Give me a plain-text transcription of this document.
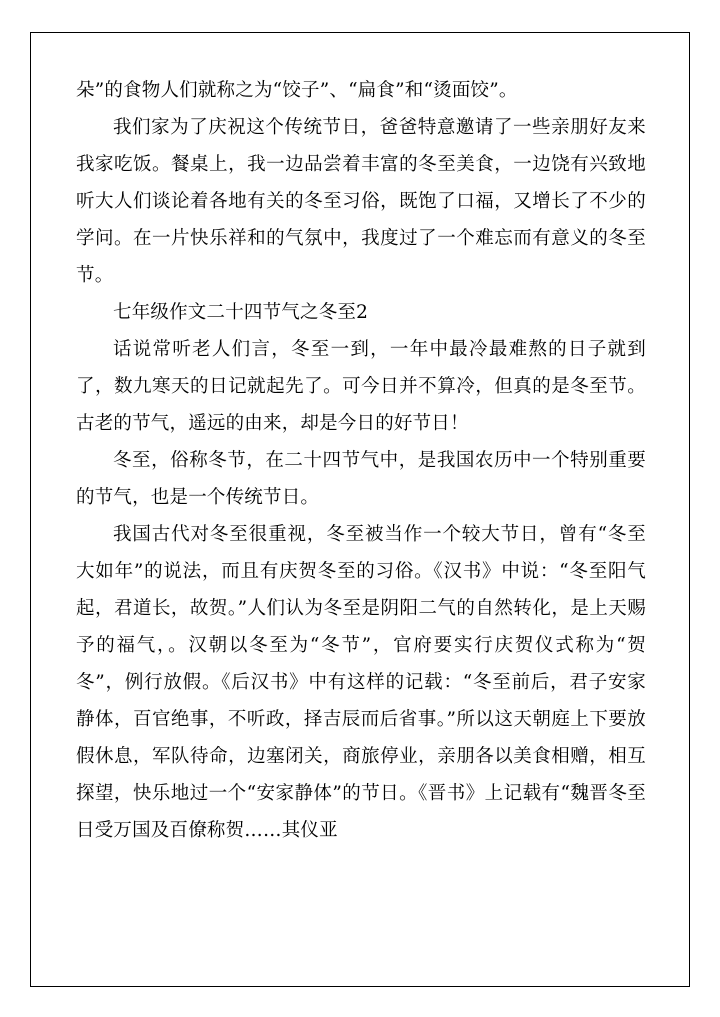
朵”的食物人们就称之为“饺子”、“扁食”和“烫面饺”。

我们家为了庆祝这个传统节日，爸爸特意邀请了一些亲朋好友来我家吃饭。餐桌上，我一边品尝着丰富的冬至美食，一边饶有兴致地听大人们谈论着各地有关的冬至习俗，既饱了口福，又增长了不少的学问。在一片快乐祥和的气氛中，我度过了一个难忘而有意义的冬至节。

七年级作文二十四节气之冬至2

话说常听老人们言，冬至一到，一年中最冷最难熬的日子就到了，数九寒天的日记就起先了。可今日并不算冷，但真的是冬至节。古老的节气，遥远的由来，却是今日的好节日！

冬至，俗称冬节，在二十四节气中，是我国农历中一个特别重要的节气，也是一个传统节日。

我国古代对冬至很重视，冬至被当作一个较大节日，曾有“冬至大如年”的说法，而且有庆贺冬至的习俗。《汉书》中说：“冬至阳气起，君道长，故贺。”人们认为冬至是阴阳二气的自然转化，是上天赐予的福气，。汉朝以冬至为“冬节”，官府要实行庆贺仪式称为“贺冬”，例行放假。《后汉书》中有这样的记载：“冬至前后，君子安家静体，百官绝事，不听政，择吉辰而后省事。”所以这天朝庭上下要放假休息，军队待命，边塞闭关，商旅停业，亲朋各以美食相赠，相互探望，快乐地过一个“安家静体”的节日。《晋书》上记载有“魏晋冬至日受万国及百僚称贺……其仪亚
